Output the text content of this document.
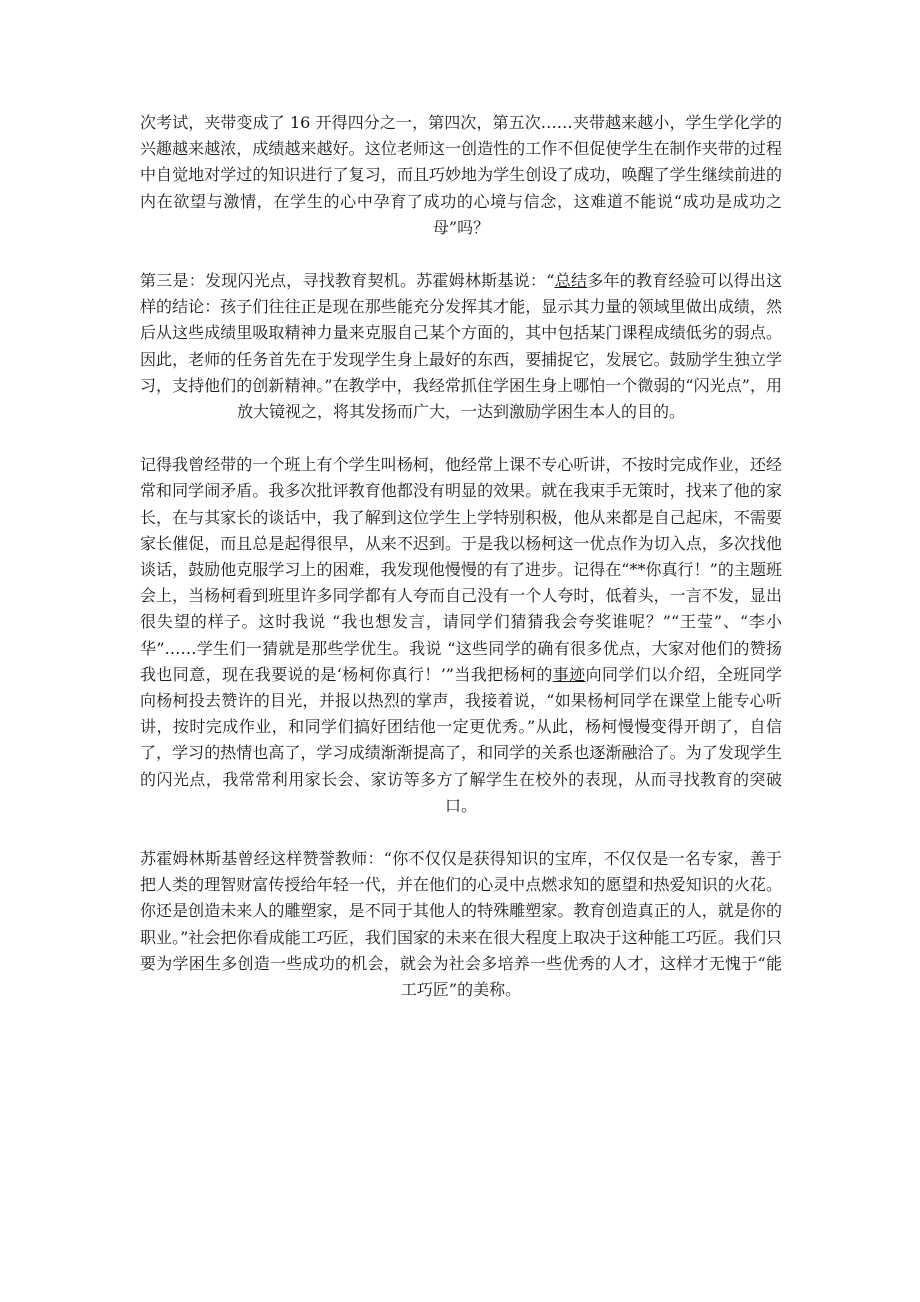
次考试，夹带变成了 16 开得四分之一，第四次，第五次……夹带越来越小，学生学化学的兴趣越来越浓，成绩越来越好。这位老师这一创造性的工作不但促使学生在制作夹带的过程中自觉地对学过的知识进行了复习，而且巧妙地为学生创设了成功，唤醒了学生继续前进的内在欲望与激情，在学生的心中孕育了成功的心境与信念，这难道不能说“成功是成功之母”吗？

第三是：发现闪光点，寻找教育契机。苏霍姆林斯基说：“总结多年的教育经验可以得出这样的结论：孩子们往往正是现在那些能充分发挥其才能，显示其力量的领域里做出成绩，然后从这些成绩里吸取精神力量来克服自己某个方面的，其中包括某门课程成绩低劣的弱点。因此，老师的任务首先在于发现学生身上最好的东西，要捕捉它，发展它。鼓励学生独立学习，支持他们的创新精神。”在教学中，我经常抓住学困生身上哪怕一个微弱的“闪光点”，用放大镜视之，将其发扬而广大，一达到激励学困生本人的目的。

记得我曾经带的一个班上有个学生叫杨柯，他经常上课不专心听讲，不按时完成作业，还经常和同学闹矛盾。我多次批评教育他都没有明显的效果。就在我束手无策时，找来了他的家长，在与其家长的谈话中，我了解到这位学生上学特别积极，他从来都是自己起床，不需要家长催促，而且总是起得很早，从来不迟到。于是我以杨柯这一优点作为切入点，多次找他谈话，鼓励他克服学习上的困难，我发现他慢慢的有了进步。记得在“**你真行！”的主题班会上，当杨柯看到班里许多同学都有人夸而自己没有一个人夸时，低着头，一言不发，显出很失望的样子。这时我说 “我也想发言，请同学们猜猜我会夸奖谁呢？”“王莹”、“李小华”……学生们一猜就是那些学优生。我说 “这些同学的确有很多优点，大家对他们的赞扬我也同意，现在我要说的是‘杨柯你真行！’”当我把杨柯的事迹向同学们以介绍，全班同学向杨柯投去赞许的目光，并报以热烈的掌声，我接着说，“如果杨柯同学在课堂上能专心听讲，按时完成作业，和同学们搞好团结他一定更优秀。”从此，杨柯慢慢变得开朗了，自信了，学习的热情也高了，学习成绩渐渐提高了，和同学的关系也逐渐融洽了。为了发现学生的闪光点，我常常利用家长会、家访等多方了解学生在校外的表现，从而寻找教育的突破口。

苏霍姆林斯基曾经这样赞誉教师：“你不仅仅是获得知识的宝库，不仅仅是一名专家，善于把人类的理智财富传授给年轻一代，并在他们的心灵中点燃求知的愿望和热爱知识的火花。你还是创造未来人的雕塑家，是不同于其他人的特殊雕塑家。教育创造真正的人，就是你的职业。”社会把你看成能工巧匠，我们国家的未来在很大程度上取决于这种能工巧匠。我们只要为学困生多创造一些成功的机会，就会为社会多培养一些优秀的人才，这样才无愧于“能工巧匠”的美称。
